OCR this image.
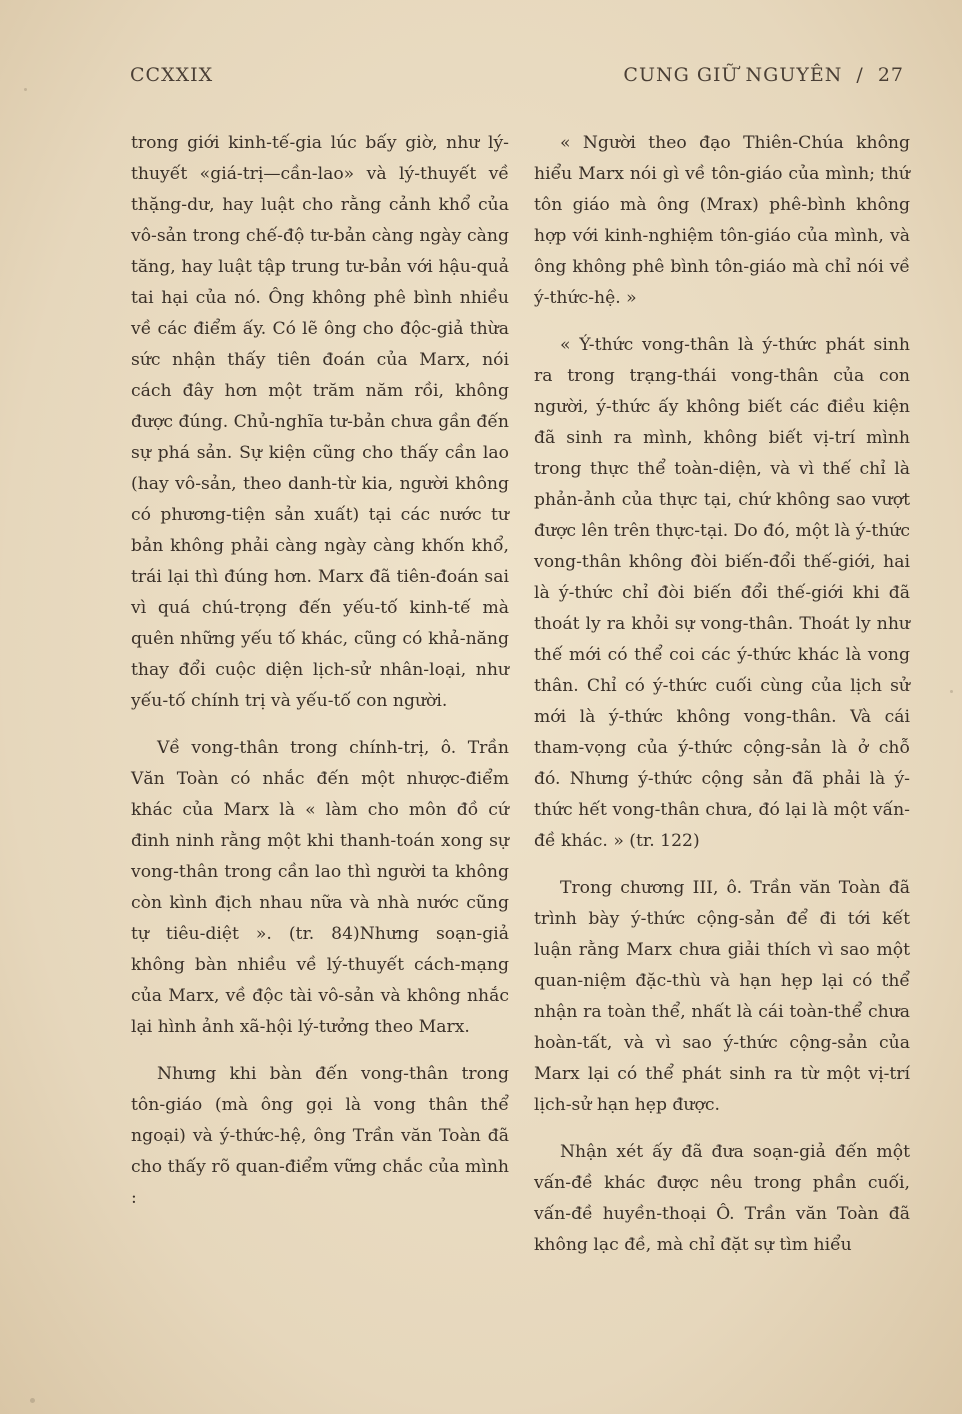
CCXXIX	CUNG GIỮ NGUYÊN / 27

trong giới kinh-tế-gia lúc bấy giờ, như lý-thuyết «giá-trị—cần-lao» và lý-thuyết về thặng-dư, hay luật cho rằng cảnh khổ của vô-sản trong chế-độ tư-bản càng ngày càng tăng, hay luật tập trung tư-bản với hậu-quả tai hại của nó. Ông không phê bình nhiều về các điểm ấy. Có lẽ ông cho độc-giả thừa sức nhận thấy tiên đoán của Marx, nói cách đây hơn một trăm năm rồi, không được đúng. Chủ-nghĩa tư-bản chưa gần đến sự phá sản. Sự kiện cũng cho thấy cần lao (hay vô-sản, theo danh-từ kia, người không có phương-tiện sản xuất) tại các nước tư bản không phải càng ngày càng khốn khổ, trái lại thì đúng hơn. Marx đã tiên-đoán sai vì quá chú-trọng đến yếu-tố kinh-tế mà quên những yếu tố khác, cũng có khả-năng thay đổi cuộc diện lịch-sử nhân-loại, như yếu-tố chính trị và yếu-tố con người.

Về vong-thân trong chính-trị, ô. Trần Văn Toàn có nhắc đến một nhược-điểm khác của Marx là « làm cho môn đồ cứ đinh ninh rằng một khi thanh-toán xong sự vong-thân trong cần lao thì người ta không còn kình địch nhau nữa và nhà nước cũng tự tiêu-diệt ». (tr. 84)Nhưng soạn-giả không bàn nhiều về lý-thuyết cách-mạng của Marx, về độc tài vô-sản và không nhắc lại hình ảnh xã-hội lý-tưởng theo Marx.

Nhưng khi bàn đến vong-thân trong tôn-giáo (mà ông gọi là vong thân thể ngoại) và ý-thức-hệ, ông Trần văn Toàn đã cho thấy rõ quan-điểm vững chắc của mình :

« Người theo đạo Thiên-Chúa không hiểu Marx nói gì về tôn-giáo của mình; thứ tôn giáo mà ông (Mrax) phê-bình không hợp với kinh-nghiệm tôn-giáo của mình, và ông không phê bình tôn-giáo mà chỉ nói về ý-thức-hệ. »

« Ý-thức vong-thân là ý-thức phát sinh ra trong trạng-thái vong-thân của con người, ý-thức ấy không biết các điều kiện đã sinh ra mình, không biết vị-trí mình trong thực thể toàn-diện, và vì thế chỉ là phản-ảnh của thực tại, chứ không sao vượt được lên trên thực-tại. Do đó, một là ý-thức vong-thân không đòi biến-đổi thế-giới, hai là ý-thức chỉ đòi biến đổi thế-giới khi đã thoát ly ra khỏi sự vong-thân. Thoát ly như thế mới có thể coi các ý-thức khác là vong thân. Chỉ có ý-thức cuối cùng của lịch sử mới là ý-thức không vong-thân. Và cái tham-vọng của ý-thức cộng-sản là ở chỗ đó. Nhưng ý-thức cộng sản đã phải là ý-thức hết vong-thân chưa, đó lại là một vấn-đề khác. » (tr. 122)

Trong chương III, ô. Trần văn Toàn đã trình bày ý-thức cộng-sản để đi tới kết luận rằng Marx chưa giải thích vì sao một quan-niệm đặc-thù và hạn hẹp lại có thể nhận ra toàn thể, nhất là cái toàn-thể chưa hoàn-tất, và vì sao ý-thức cộng-sản của Marx lại có thể phát sinh ra từ một vị-trí lịch-sử hạn hẹp được.

Nhận xét ấy đã đưa soạn-giả đến một vấn-đề khác được nêu trong phần cuối, vấn-đề huyền-thoại Ô. Trần văn Toàn đã không lạc đề, mà chỉ đặt sự tìm hiểu
